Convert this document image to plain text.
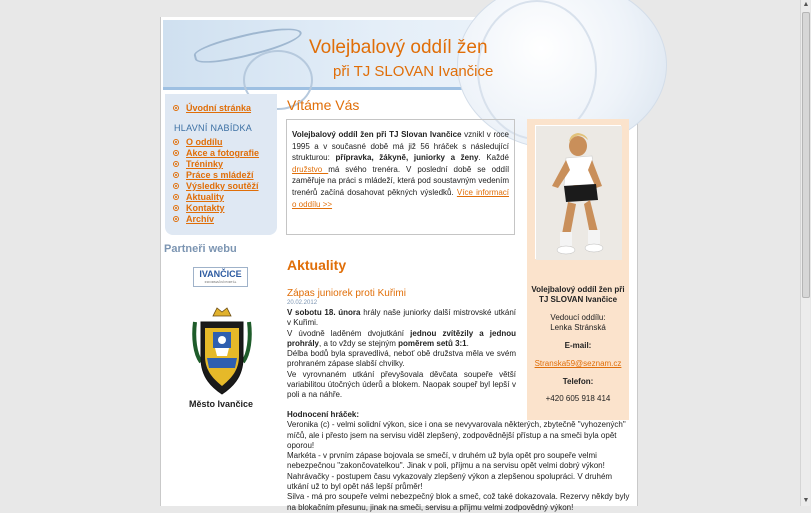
Volejbalový oddíl žen
při TJ SLOVAN Ivančice
Úvodní stránka
HLAVNÍ NABÍDKA
O oddílu
Akce a fotografie
Tréninky
Práce s mládeží
Výsledky soutěží
Aktuality
Kontakty
Archív
Partneři webu
IVANČICE
INFORMAČNÍ PORTÁL
Město Ivančice
Vítáme Vás
Volejbalový oddíl žen při TJ Slovan Ivančice vznikl v roce 1995 a v současné době má již 56 hráček s následující strukturou: přípravka, žákyně, juniorky a ženy. Každé družstvo má svého trenéra. V poslední době se oddíl zaměřuje na práci s mládeží, která pod soustavným vedením trenérů začíná dosahovat pěkných výsledků. Více informací o oddílu >>
Volejbalový oddíl žen při TJ SLOVAN Ivančice
Vedoucí oddílu:
Lenka Stránská
E-mail:
Stranska59@seznam.cz
Telefon:
+420 605 918 414
Aktuality
Zápas juniorek proti Kuřimi
20.02.2012
V sobotu 18. února hrály naše juniorky další mistrovské utkání v Kuřimi.
V úvodně laděném dvojutkání jednou zvítězily a jednou prohrály, a to vždy se stejným poměrem setů 3:1.
Délba bodů byla spravedlivá, neboť obě družstva měla ve svém prohraném zápase slabší chvilky.
Ve vyrovnaném utkání převyšovala děvčata soupeře větší variabilitou útočných úderů a blokem. Naopak soupeř byl lepší v poli a na náhře.
Hodnocení hráček:
Veronika (c) - velmi solidní výkon, sice i ona se nevyvarovala některých, zbytečně "vyhozených" míčů, ale i přesto jsem na servisu viděl zlepšený, zodpovědnější přístup a na smeči byla opět oporou!
Markéta - v prvním zápase bojovala se smečí, v druhém už byla opět pro soupeře velmi nebezpečnou "zakončovatelkou". Jinak v poli, příjmu a na servisu opět velmi dobrý výkon!
Nahrávačky - postupem času vykazovaly zlepšený výkon a zlepšenou spolupráci. V druhém utkání už to byl opět náš lepší průměr!
Silva - má pro soupeře velmi nebezpečný blok a smeč, což také dokazovala. Rezervy někdy byly na blokačním přesunu, jinak na smeči, servisu a příjmu velmi zodpovědný výkon!
▲
▼
